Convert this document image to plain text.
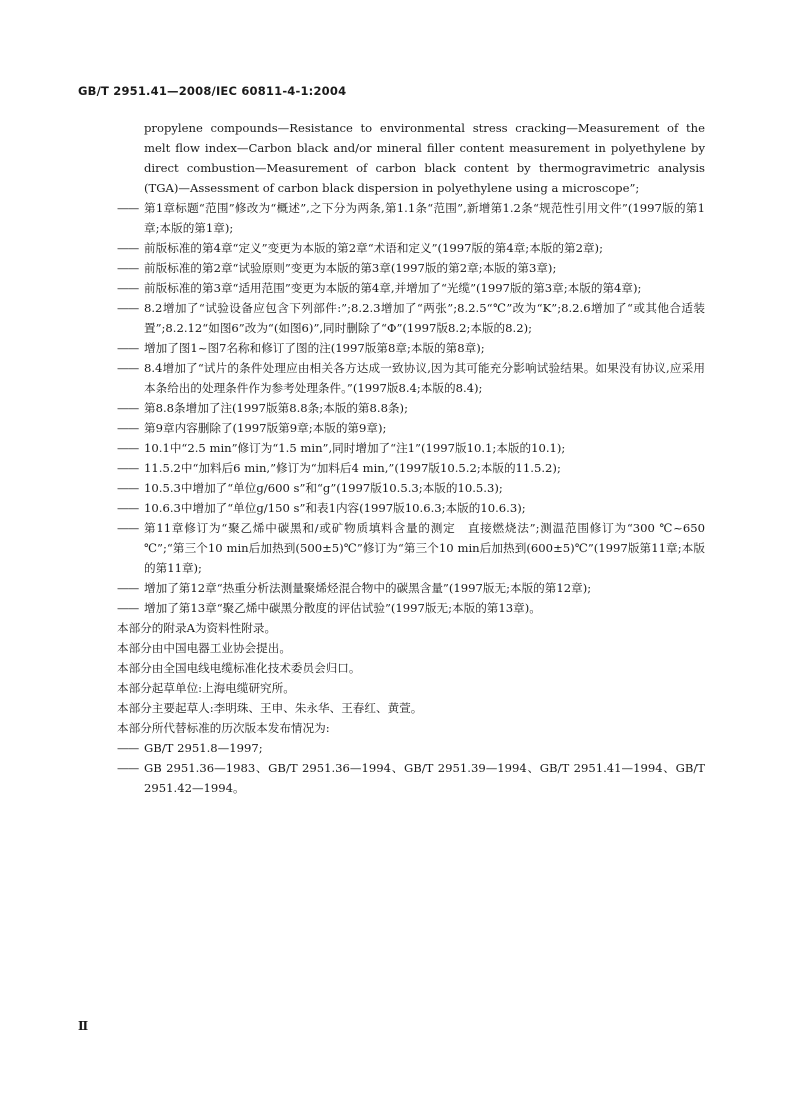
GB/T 2951.41—2008/IEC 60811-4-1:2004
propylene compounds—Resistance to environmental stress cracking—Measurement of the melt flow index—Carbon black and/or mineral filler content measurement in polyethylene by direct combustion—Measurement of carbon black content by thermogravimetric analysis (TGA)—Assessment of carbon black dispersion in polyethylene using a microscope”;
—— 第1章标题“范围”修改为“概述”,之下分为两条,第1.1条“范围”,新增第1.2条“规范性引用文件”(1997版的第1章;本版的第1章);
—— 前版标准的第4章“定义”变更为本版的第2章“术语和定义”(1997版的第4章;本版的第2章);
—— 前版标准的第2章“试验原则”变更为本版的第3章(1997版的第2章;本版的第3章);
—— 前版标准的第3章“适用范围”变更为本版的第4章,并增加了“光缆”(1997版的第3章;本版的第4章);
—— 8.2增加了“试验设备应包含下列部件:”;8.2.3增加了“两张”;8.2.5“℃”改为“K”;8.2.6增加了“或其他合适装置”;8.2.12“如图6”改为“(如图6)”,同时删除了“Φ”(1997版8.2;本版的8.2);
—— 增加了图1~图7名称和修订了图的注(1997版第8章;本版的第8章);
—— 8.4增加了“试片的条件处理应由相关各方达成一致协议,因为其可能充分影响试验结果。如果没有协议,应采用本条给出的处理条件作为参考处理条件。”(1997版8.4;本版的8.4);
—— 第8.8条增加了注(1997版第8.8条;本版的第8.8条);
—— 第9章内容删除了(1997版第9章;本版的第9章);
—— 10.1中“2.5 min”修订为“1.5 min”,同时增加了“注1”(1997版10.1;本版的10.1);
—— 11.5.2中“加料后6 min,”修订为“加料后4 min,”(1997版10.5.2;本版的11.5.2);
—— 10.5.3中增加了“单位g/600 s”和“g”(1997版10.5.3;本版的10.5.3);
—— 10.6.3中增加了“单位g/150 s”和表1内容(1997版10.6.3;本版的10.6.3);
—— 第11章修订为“聚乙烯中碳黑和/或矿物质填料含量的测定　直接燃烧法”;测温范围修订为“300 ℃~650 ℃”;“第三个10 min后加热到(500±5)℃”修订为“第三个10 min后加热到(600±5)℃”(1997版第11章;本版的第11章);
—— 增加了第12章“热重分析法测量聚烯烃混合物中的碳黑含量”(1997版无;本版的第12章);
—— 增加了第13章“聚乙烯中碳黑分散度的评估试验”(1997版无;本版的第13章)。
本部分的附录A为资料性附录。
本部分由中国电器工业协会提出。
本部分由全国电线电缆标准化技术委员会归口。
本部分起草单位:上海电缆研究所。
本部分主要起草人:李明珠、王申、朱永华、王春红、黄萱。
本部分所代替标准的历次版本发布情况为:
—— GB/T 2951.8—1997;
—— GB 2951.36—1983、GB/T 2951.36—1994、GB/T 2951.39—1994、GB/T 2951.41—1994、GB/T 2951.42—1994。
Ⅱ
